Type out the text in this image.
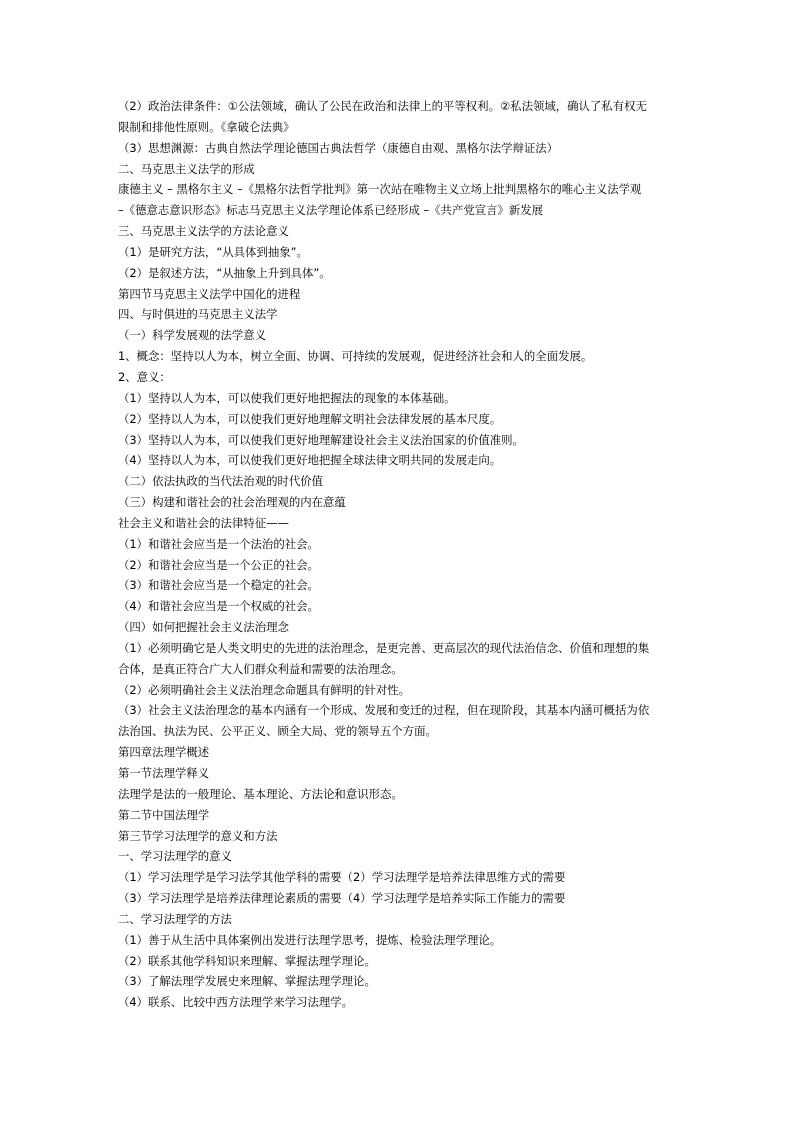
（2）政治法律条件：①公法领域，确认了公民在政治和法律上的平等权利。②私法领域，确认了私有权无
限制和排他性原则。《拿破仑法典》
（3）思想渊源：古典自然法学理论德国古典法哲学（康德自由观、黑格尔法学辩证法）
二、马克思主义法学的形成
康德主义 – 黑格尔主义 –《黑格尔法哲学批判》第一次站在唯物主义立场上批判黑格尔的唯心主义法学观
–《德意志意识形态》标志马克思主义法学理论体系已经形成 –《共产党宣言》新发展
三、马克思主义法学的方法论意义
（1）是研究方法，“从具体到抽象”。
（2）是叙述方法，“从抽象上升到具体”。
第四节马克思主义法学中国化的进程
四、与时俱进的马克思主义法学
（一）科学发展观的法学意义
1、概念：坚持以人为本，树立全面、协调、可持续的发展观，促进经济社会和人的全面发展。
2、意义：
（1）坚持以人为本，可以使我们更好地把握法的现象的本体基础。
（2）坚持以人为本，可以使我们更好地理解文明社会法律发展的基本尺度。
（3）坚持以人为本，可以使我们更好地理解建设社会主义法治国家的价值准则。
（4）坚持以人为本，可以使我们更好地把握全球法律文明共同的发展走向。
（二）依法执政的当代法治观的时代价值
（三）构建和谐社会的社会治理观的内在意蕴
社会主义和谐社会的法律特征——
（1）和谐社会应当是一个法治的社会。
（2）和谐社会应当是一个公正的社会。
（3）和谐社会应当是一个稳定的社会。
（4）和谐社会应当是一个权威的社会。
（四）如何把握社会主义法治理念
（1）必须明确它是人类文明史的先进的法治理念，是更完善、更高层次的现代法治信念、价值和理想的集
合体，是真正符合广大人们群众利益和需要的法治理念。
（2）必须明确社会主义法治理念命题具有鲜明的针对性。
（3）社会主义法治理念的基本内涵有一个形成、发展和变迁的过程，但在现阶段，其基本内涵可概括为依
法治国、执法为民、公平正义、顾全大局、党的领导五个方面。
第四章法理学概述
第一节法理学释义
法理学是法的一般理论、基本理论、方法论和意识形态。
第二节中国法理学
第三节学习法理学的意义和方法
一、学习法理学的意义
（1）学习法理学是学习法学其他学科的需要（2）学习法理学是培养法律思维方式的需要
（3）学习法理学是培养法律理论素质的需要（4）学习法理学是培养实际工作能力的需要
二、学习法理学的方法
（1）善于从生活中具体案例出发进行法理学思考，提炼、检验法理学理论。
（2）联系其他学科知识来理解、掌握法理学理论。
（3）了解法理学发展史来理解、掌握法理学理论。
（4）联系、比较中西方法理学来学习法理学。
